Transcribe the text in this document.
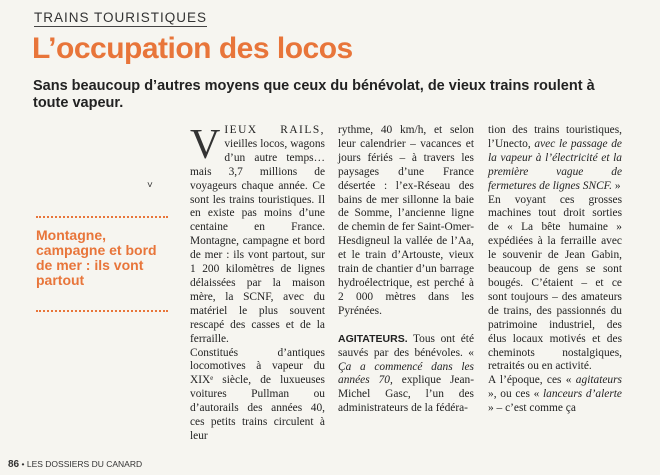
TRAINS TOURISTIQUES
L’occupation des locos

Sans beaucoup d’autres moyens que ceux du bénévolat, de vieux trains roulent à toute vapeur.

˅

Montagne, campagne et bord de mer : ils vont partout

VIEUX RAILS, vieilles locos, wagons d’un autre temps… mais 3,7 millions de voyageurs chaque année. Ce sont les trains touristiques. Il en existe pas moins d’une centaine en France. Montagne, campagne et bord de mer : ils vont partout, sur 1 200 kilomètres de lignes délaissées par la maison mère, la SCNF, avec du matériel le plus souvent rescapé des casses et de la ferraille.

Constitués d’antiques locomotives à vapeur du XIXᵉ siècle, de luxueuses voitures Pullman ou d’autorails des années 40, ces petits trains circulent à leur

rythme, 40 km/h, et selon leur calendrier – vacances et jours fériés – à travers les paysages d’une France désertée : l’ex-Réseau des bains de mer sillonne la baie de Somme, l’ancienne ligne de chemin de fer Saint-Omer-Hesdigneul la vallée de l’Aa, et le train d’Artouste, vieux train de chantier d’un barrage hydroélectrique, est perché à 2 000 mètres dans les Pyrénées.

AGITATEURS. Tous ont été sauvés par des bénévoles. « Ça a commencé dans les années 70, explique Jean-Michel Gasc, l’un des administrateurs de la fédéra-

tion des trains touristiques, l’Unecto, avec le passage de la vapeur à l’électricité et la première vague de fermetures de lignes SNCF. »

En voyant ces grosses machines tout droit sorties de « La bête humaine » expédiées à la ferraille avec le souvenir de Jean Gabin, beaucoup de gens se sont bougés. C’étaient – et ce sont toujours – des amateurs de trains, des passionnés du patrimoine industriel, des élus locaux motivés et des cheminots nostalgiques, retraités ou en activité.

A l’époque, ces « agitateurs », ou ces « lanceurs d’alerte » – c’est comme ça

86 • LES DOSSIERS DU CANARD
